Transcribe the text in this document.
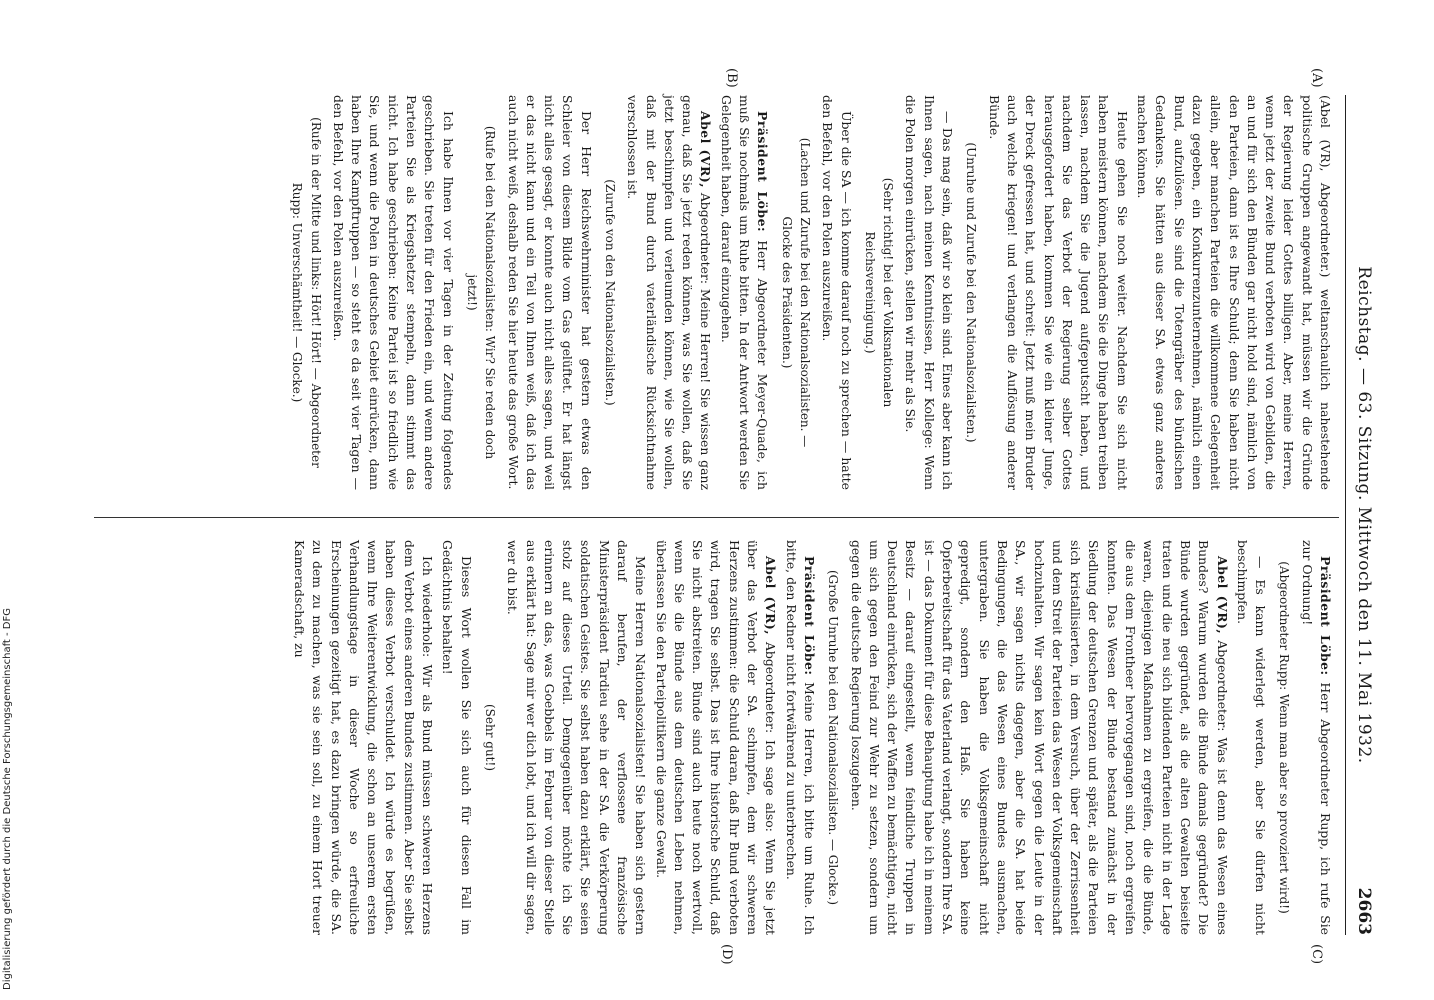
Reichstag. — 63. Sitzung. Mittwoch den 11. Mai 1932.
2663
(A)
(B)
(C)
(D)

(Abel (VR), Abgeordneter.) weltanschaulich nahestehende politische Gruppen angewandt hat, müssen wir die Gründe der Regierung leider Gottes billigen. Aber, meine Herren, wenn jetzt der zweite Bund verboten wird von Gebilden, die an und für sich den Bünden gar nicht hold sind, nämlich von den Parteien, dann ist es Ihre Schuld; denn Sie haben nicht allein, aber manchen Parteien die willkommene Gelegenheit dazu gegeben, ein Konkurrenzunternehmen, nämlich einen Bund, aufzulösen. Sie sind die Totengräber des bündischen Gedankens. Sie hätten aus dieser SA. etwas ganz anderes machen können.

Heute gehen Sie noch weiter. Nachdem Sie sich nicht haben meistern können, nachdem Sie die Dinge haben treiben lassen, nachdem Sie die Jugend aufgeputscht haben, und nachdem Sie das Verbot der Regierung selber Gottes herausgefordert haben, kommen Sie wie ein kleiner Junge, der Dreck gefressen hat, und schreit: Jetzt muß mein Bruder auch welche kriegen! und verlangen die Auflösung anderer Bünde.

(Unruhe und Zurufe bei den Nationalsozialisten.)

— Das mag sein, daß wir so klein sind. Eines aber kann ich Ihnen sagen, nach meinen Kenntnissen, Herr Kollege: Wenn die Polen morgen einrücken, stellen wir mehr als Sie.

(Sehr richtig! bei der Volksnationalen Reichsvereinigung.)

Über die SA — ich komme darauf noch zu sprechen — hatte den Befehl, vor den Polen auszureißen.

(Lachen und Zurufe bei den Nationalsozialisten. — Glocke des Präsidenten.)

Präsident Löbe: Herr Abgeordneter Meyer-Quade, ich muß Sie nochmals um Ruhe bitten. In der Antwort werden Sie Gelegenheit haben, darauf einzugehen.

Abel (VR), Abgeordneter: Meine Herren! Sie wissen ganz genau, daß Sie jetzt reden können, was Sie wollen, daß Sie jetzt beschimpfen und verleumden können, wie Sie wollen, daß mit der Bund durch vaterländische Rücksichtnahme verschlossen ist.

(Zurufe von den Nationalsozialisten.)

Der Herr Reichswehrminister hat gestern etwas den Schleier von diesem Bilde vom Gas gelüftet. Er hat längst nicht alles gesagt, er konnte auch nicht alles sagen, und weil er das nicht kann und ein Teil von Ihnen weiß, daß ich das auch nicht weiß, deshalb reden Sie hier heute das große Wort.

(Rufe bei den Nationalsozialisten: Wir? Sie reden doch jetzt!)

Ich habe Ihnen vor vier Tagen in der Zeitung folgendes geschrieben. Sie treten für den Frieden ein, und wenn andere Parteien Sie als Kriegshetzer stempeln, dann stimmt das nicht. Ich habe geschrieben: Keine Partei ist so friedlich wie Sie, und wenn die Polen in deutsches Gebiet einrücken, dann haben Ihre Kampftruppen — so steht es da seit vier Tagen — den Befehl, vor den Polen auszureißen.

(Rufe in der Mitte und links: Hört! Hört! — Abgeordneter Rupp: Unverschämtheit! — Glocke.)

Präsident Löbe: Herr Abgeordneter Rupp, ich rufe Sie zur Ordnung!

(Abgeordneter Rupp: Wenn man aber so provoziert wird!)

— Es kann widerlegt werden, aber Sie dürfen nicht beschimpfen.

Abel (VR), Abgeordneter: Was ist denn das Wesen eines Bundes? Warum wurden die Bünde damals gegründet? Die Bünde wurden gegründet, als die alten Gewalten beiseite traten und die neu sich bildenden Parteien nicht in der Lage waren, diejenigen Maßnahmen zu ergreifen, die die Bünde, die aus dem Frontheer hervorgegangen sind, noch ergreifen konnten. Das Wesen der Bünde bestand zunächst in der Siedlung der deutschen Grenzen und später, als die Parteien sich kristallisierten, in dem Versuch, über der Zerrissenheit und dem Streit der Parteien das Wesen der Volksgemeinschaft hochzuhalten. Wir sagen kein Wort gegen die Leute in der SA., wir sagen nichts dagegen, aber die SA. hat beide Bedingungen, die das Wesen eines Bundes ausmachen, untergraben. Sie haben die Volksgemeinschaft nicht gepredigt, sondern den Haß. Sie haben keine Opferbereitschaft für das Vaterland verlangt, sondern Ihre SA. ist — das Dokument für diese Behauptung habe ich in meinem Besitz — darauf eingestellt, wenn feindliche Truppen in Deutschland einrücken, sich der Waffen zu bemächtigen, nicht um sich gegen den Feind zur Wehr zu setzen, sondern um gegen die deutsche Regierung loszugehen.

(Große Unruhe bei den Nationalsozialisten. — Glocke.)

Präsident Löbe: Meine Herren, ich bitte um Ruhe. Ich bitte, den Redner nicht fortwährend zu unterbrechen.

Abel (VR), Abgeordneter: Ich sage also: Wenn Sie jetzt über das Verbot der SA. schimpfen, dem wir schweren Herzens zustimmen: die Schuld daran, daß Ihr Bund verboten wird, tragen Sie selbst. Das ist Ihre historische Schuld, daß Sie nicht abstreiten. Bünde sind auch heute noch wertvoll, wenn Sie die Bünde aus dem deutschen Leben nehmen, überlassen Sie den Parteipolitikern die ganze Gewalt.

Meine Herren Nationalsozialisten! Sie haben sich gestern darauf berufen, der verflossene französische Ministerpräsident Tardieu sehe in der SA. die Verkörperung soldatischen Geistes. Sie selbst haben dazu erklärt, Sie seien stolz auf dieses Urteil. Demgegenüber möchte ich Sie erinnern an das, was Goebbels im Februar von dieser Stelle aus erklärt hat: Sage mir wer dich lobt, und ich will dir sagen, wer du bist.

(Sehr gut!)

Dieses Wort wollen Sie sich auch für diesen Fall im Gedächtnis behalten!

Ich wiederhole: Wir als Bund müssen schweren Herzens dem Verbot eines anderen Bundes zustimmen. Aber Sie selbst haben dieses Verbot verschuldet. Ich würde es begrüßen, wenn Ihre Weiterentwicklung, die schon an unserem ersten Verhandlungstage in dieser Woche so erfreuliche Erscheinungen gezeitigt hat, es dazu bringen würde, die SA. zu dem zu machen, was sie sein soll, zu einem Hort treuer Kameradschaft, zu

Digitalisierung gefördert durch die Deutsche Forschungsgemeinschaft - DFG
